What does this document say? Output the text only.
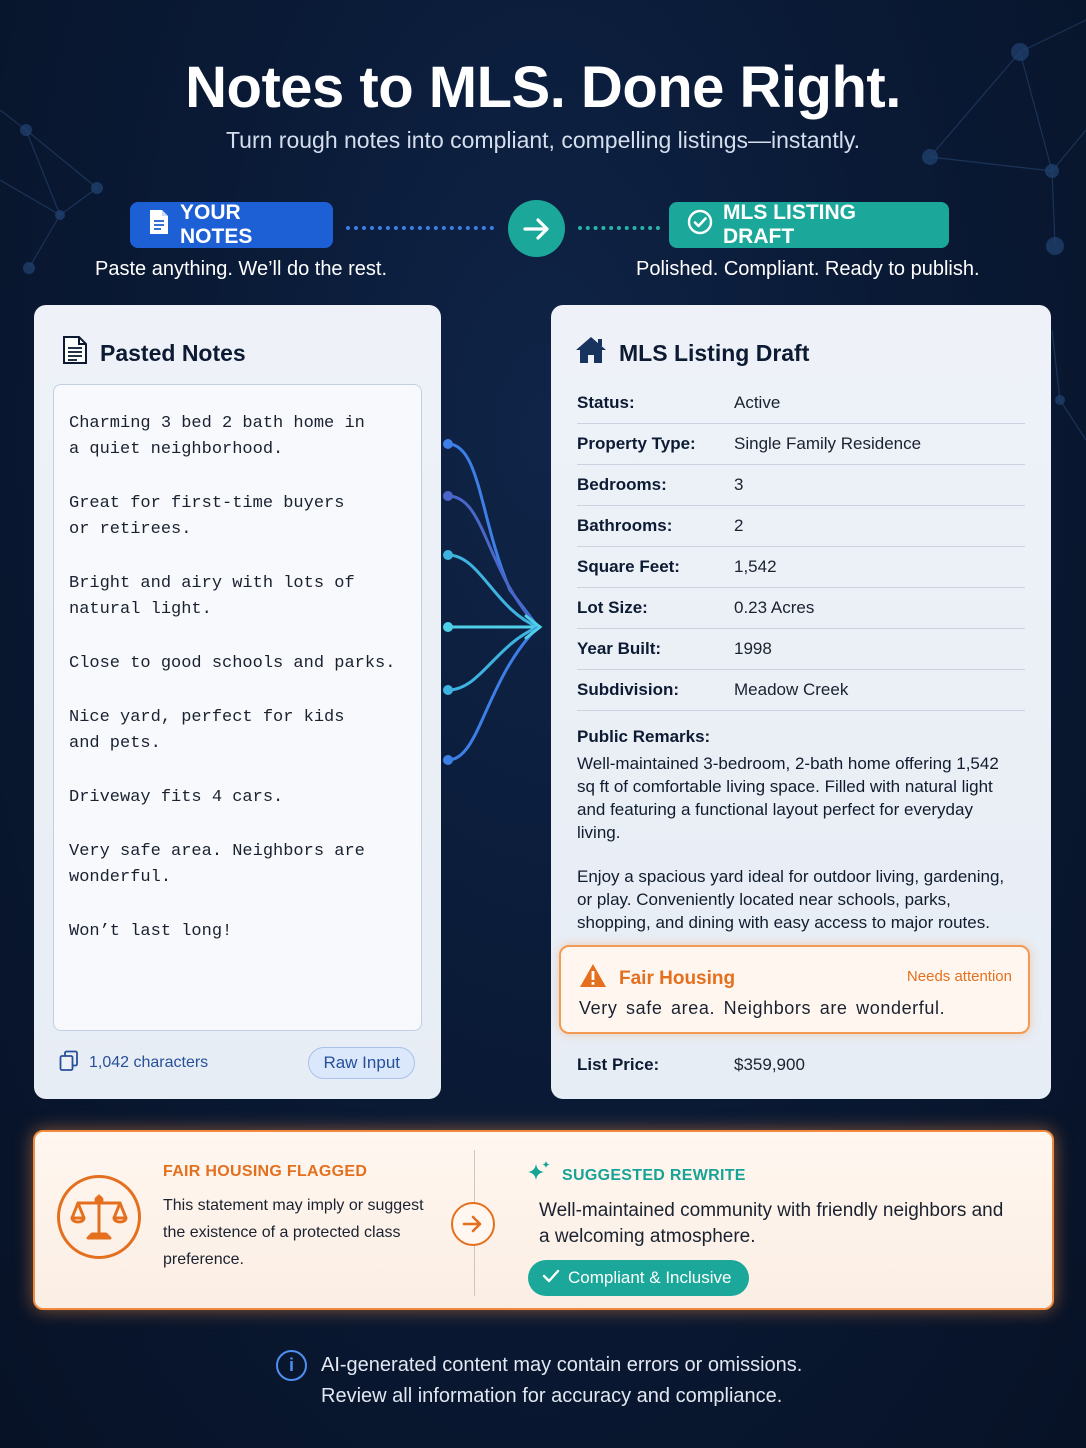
Notes to MLS. Done Right.
Turn rough notes into compliant, compelling listings—instantly.
YOUR NOTES
MLS LISTING DRAFT
Paste anything. We’ll do the rest.	Polished. Compliant. Ready to publish.
Pasted Notes
Charming 3 bed 2 bath home in
a quiet neighborhood.
Great for first-time buyers
or retirees.
Bright and airy with lots of
natural light.
Close to good schools and parks.
Nice yard, perfect for kids
and pets.
Driveway fits 4 cars.
Very safe area. Neighbors are
wonderful.
Won’t last long!
1,042 characters	Raw Input
MLS Listing Draft
Status:	Active
Property Type:	Single Family Residence
Bedrooms:	3
Bathrooms:	2
Square Feet:	1,542
Lot Size:	0.23 Acres
Year Built:	1998
Subdivision:	Meadow Creek
Public Remarks:

Well-maintained 3-bedroom, 2-bath home offering 1,542 sq ft of comfortable living space. Filled with natural light and featuring a functional layout perfect for everyday living.

Enjoy a spacious yard ideal for outdoor living, gardening, or play. Conveniently located near schools, parks, shopping, and dining with easy access to major routes.

Fair Housing	Needs attention
Very safe area. Neighbors are wonderful.
List Price:	$359,900
FAIR HOUSING FLAGGED
This statement may imply or suggest the existence of a protected class preference.
SUGGESTED REWRITE
Well-maintained community with friendly neighbors and a welcoming atmosphere.
Compliant & Inclusive
i	AI-generated content may contain errors or omissions.
Review all information for accuracy and compliance.
